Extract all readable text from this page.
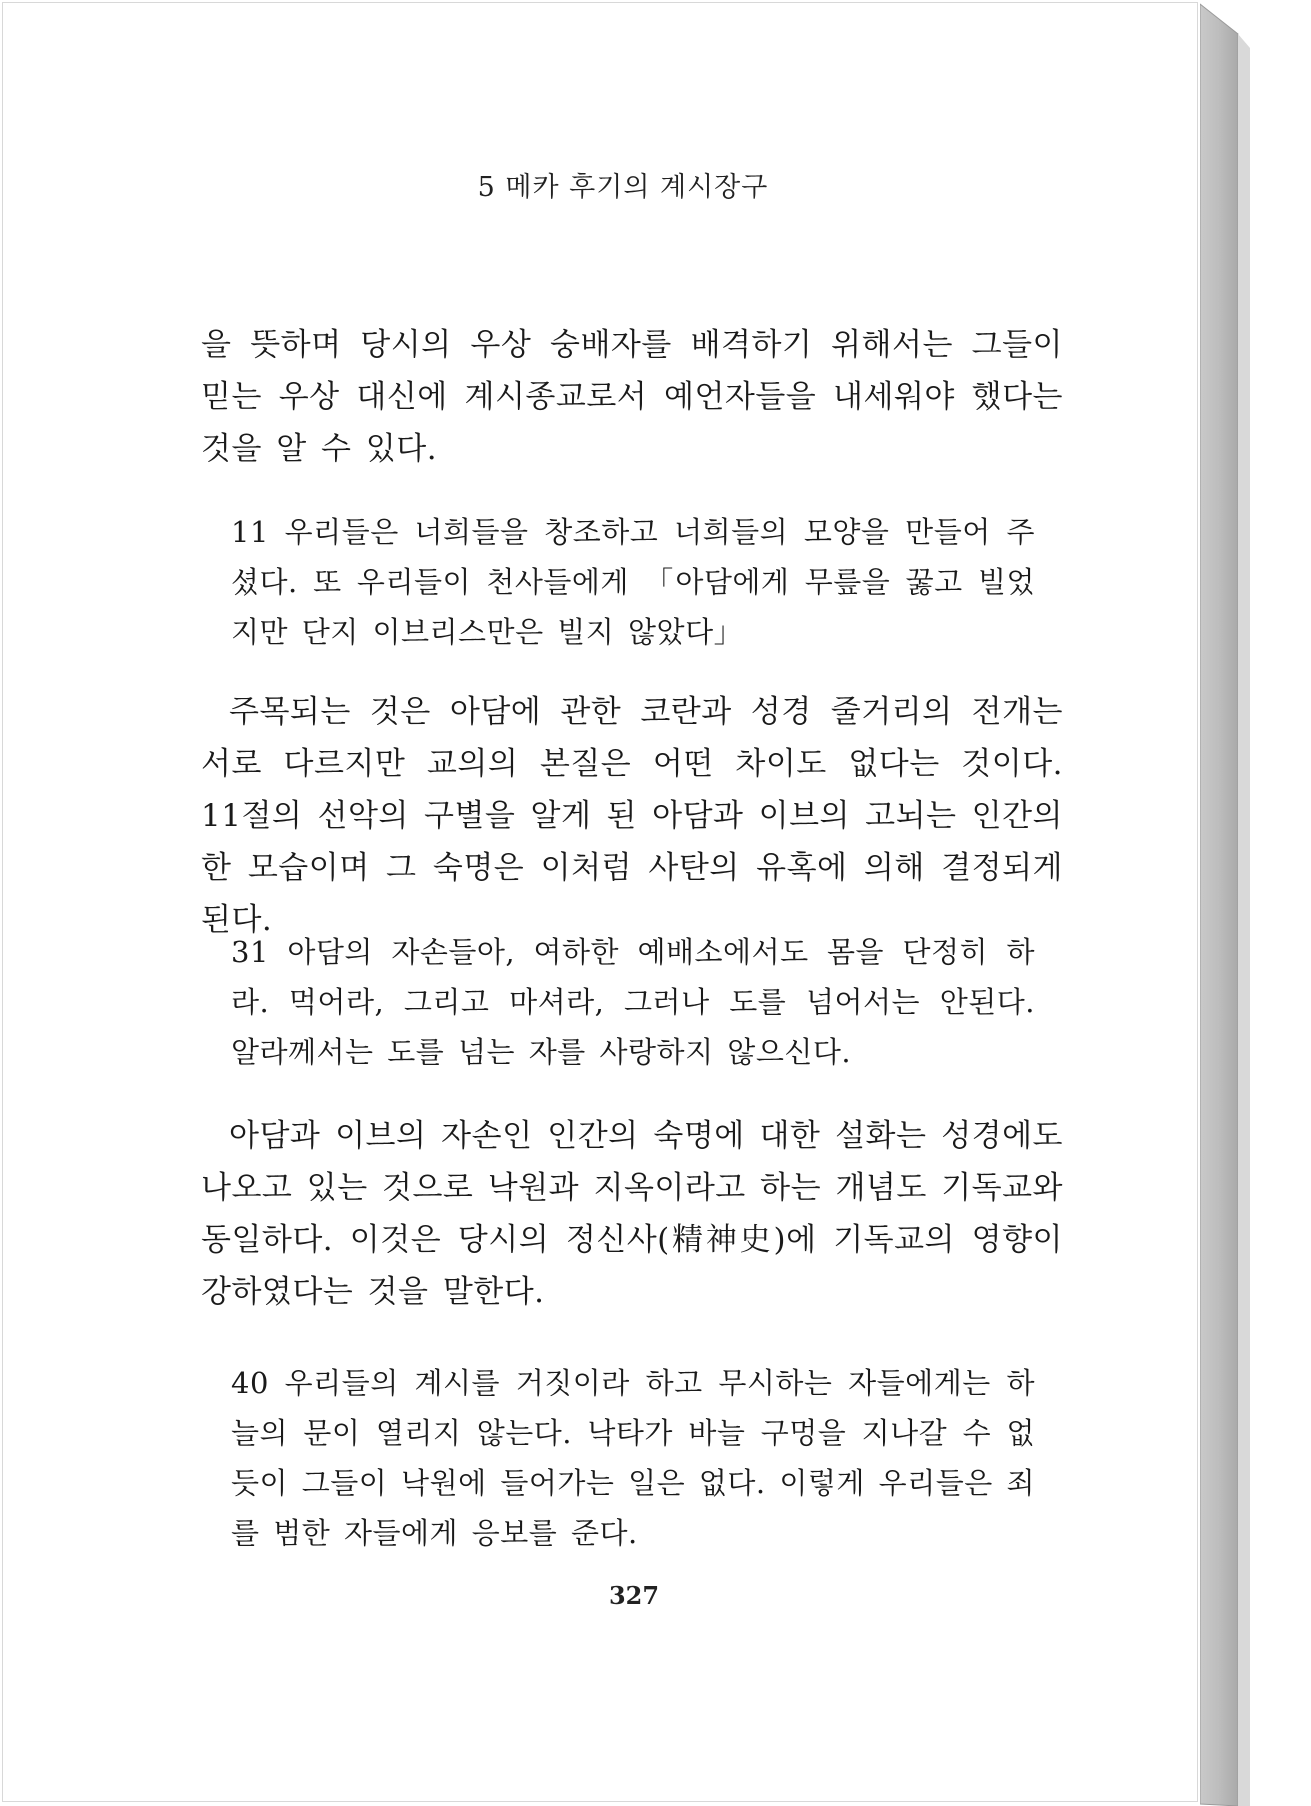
5 메카 후기의 계시장구

을 뜻하며 당시의 우상 숭배자를 배격하기 위해서는 그들이 믿는 우상 대신에 계시종교로서 예언자들을 내세워야 했다는 것을 알 수 있다.

11 우리들은 너희들을 창조하고 너희들의 모양을 만들어 주셨다. 또 우리들이 천사들에게 「아담에게 무릎을 꿇고 빌었지만 단지 이브리스만은 빌지 않았다」

주목되는 것은 아담에 관한 코란과 성경 줄거리의 전개는 서로 다르지만 교의의 본질은 어떤 차이도 없다는 것이다. 11절의 선악의 구별을 알게 된 아담과 이브의 고뇌는 인간의 한 모습이며 그 숙명은 이처럼 사탄의 유혹에 의해 결정되게 된다.

31 아담의 자손들아, 여하한 예배소에서도 몸을 단정히 하라. 먹어라, 그리고 마셔라, 그러나 도를 넘어서는 안된다. 알라께서는 도를 넘는 자를 사랑하지 않으신다.

아담과 이브의 자손인 인간의 숙명에 대한 설화는 성경에도 나오고 있는 것으로 낙원과 지옥이라고 하는 개념도 기독교와 동일하다. 이것은 당시의 정신사(精神史)에 기독교의 영향이 강하였다는 것을 말한다.

40 우리들의 계시를 거짓이라 하고 무시하는 자들에게는 하늘의 문이 열리지 않는다. 낙타가 바늘 구멍을 지나갈 수 없듯이 그들이 낙원에 들어가는 일은 없다. 이렇게 우리들은 죄를 범한 자들에게 응보를 준다.

327
